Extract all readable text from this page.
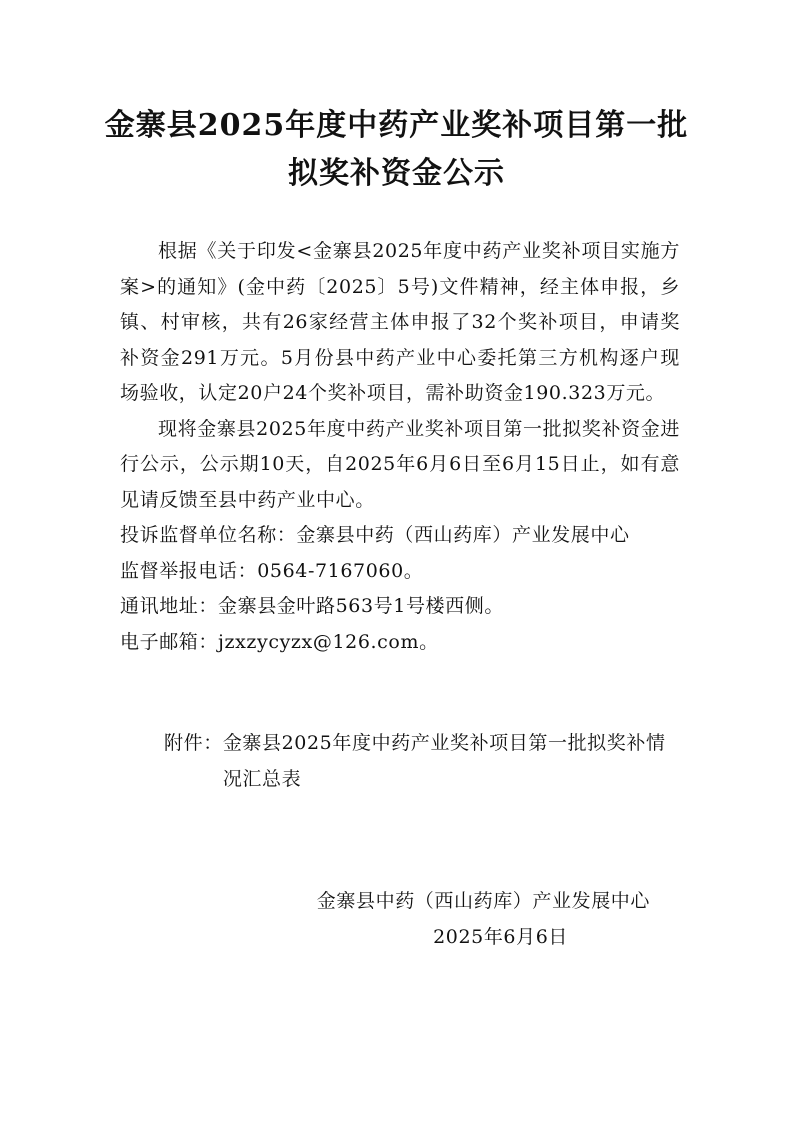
金寨县2025年度中药产业奖补项目第一批
拟奖补资金公示

根据《关于印发<金寨县2025年度中药产业奖补项目实施方案>的通知》(金中药〔2025〕5号)文件精神，经主体申报，乡镇、村审核，共有26家经营主体申报了32个奖补项目，申请奖补资金291万元。5月份县中药产业中心委托第三方机构逐户现场验收，认定20户24个奖补项目，需补助资金190.323万元。

现将金寨县2025年度中药产业奖补项目第一批拟奖补资金进行公示，公示期10天，自2025年6月6日至6月15日止，如有意见请反馈至县中药产业中心。

投诉监督单位名称：金寨县中药（西山药库）产业发展中心

监督举报电话：0564-7167060。

通讯地址：金寨县金叶路563号1号楼西侧。

电子邮箱：jzxzycyzx@126.com。

附件： 金寨县2025年度中药产业奖补项目第一批拟奖补情况汇总表

金寨县中药（西山药库）产业发展中心

2025年6月6日
